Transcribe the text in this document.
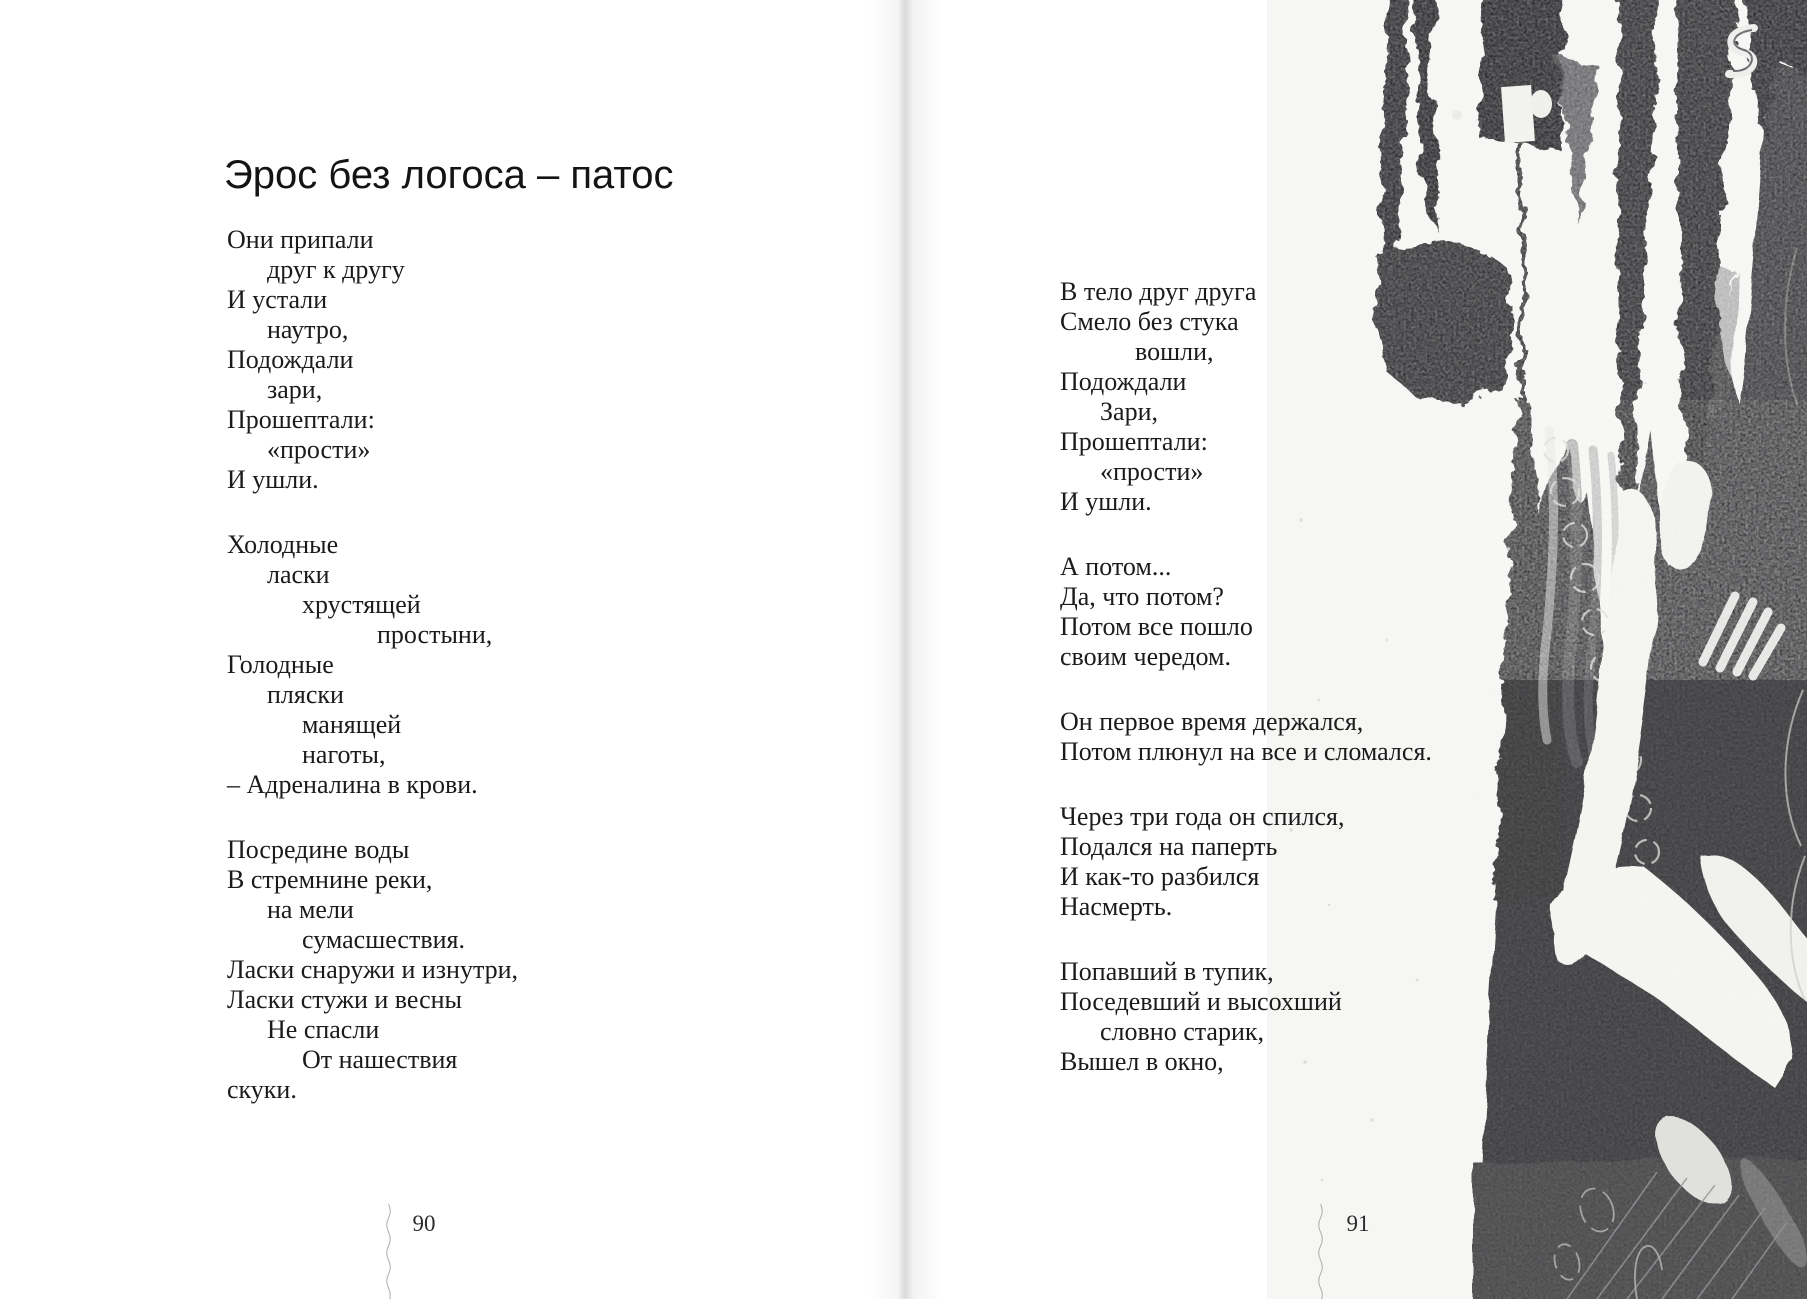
Эрос без логоса – патос
Они припали
друг к другу
И устали
наутро,
Подождали
зари,
Прошептали:
«прости»
И ушли.
Холодные
ласки
хрустящей
простыни,
Голодные
пляски
манящей
наготы,
– Адреналина в крови.
Посредине воды
В стремнине реки,
на мели
сумасшествия.
Ласки снаружи и изнутри,
Ласки стужи и весны
Не спасли
От нашествия
скуки.
В тело друг друга
Смело без стука
вошли,
Подождали
Зари,
Прошептали:
«прости»
И ушли.
А потом...
Да, что потом?
Потом все пошло
своим чередом.
Он первое время держался,
Потом плюнул на все и сломался.
Через три года он спился,
Подался на паперть
И как-то разбился
Насмерть.
Попавший в тупик,
Поседевший и высохший
словно старик,
Вышел в окно,
90	91
